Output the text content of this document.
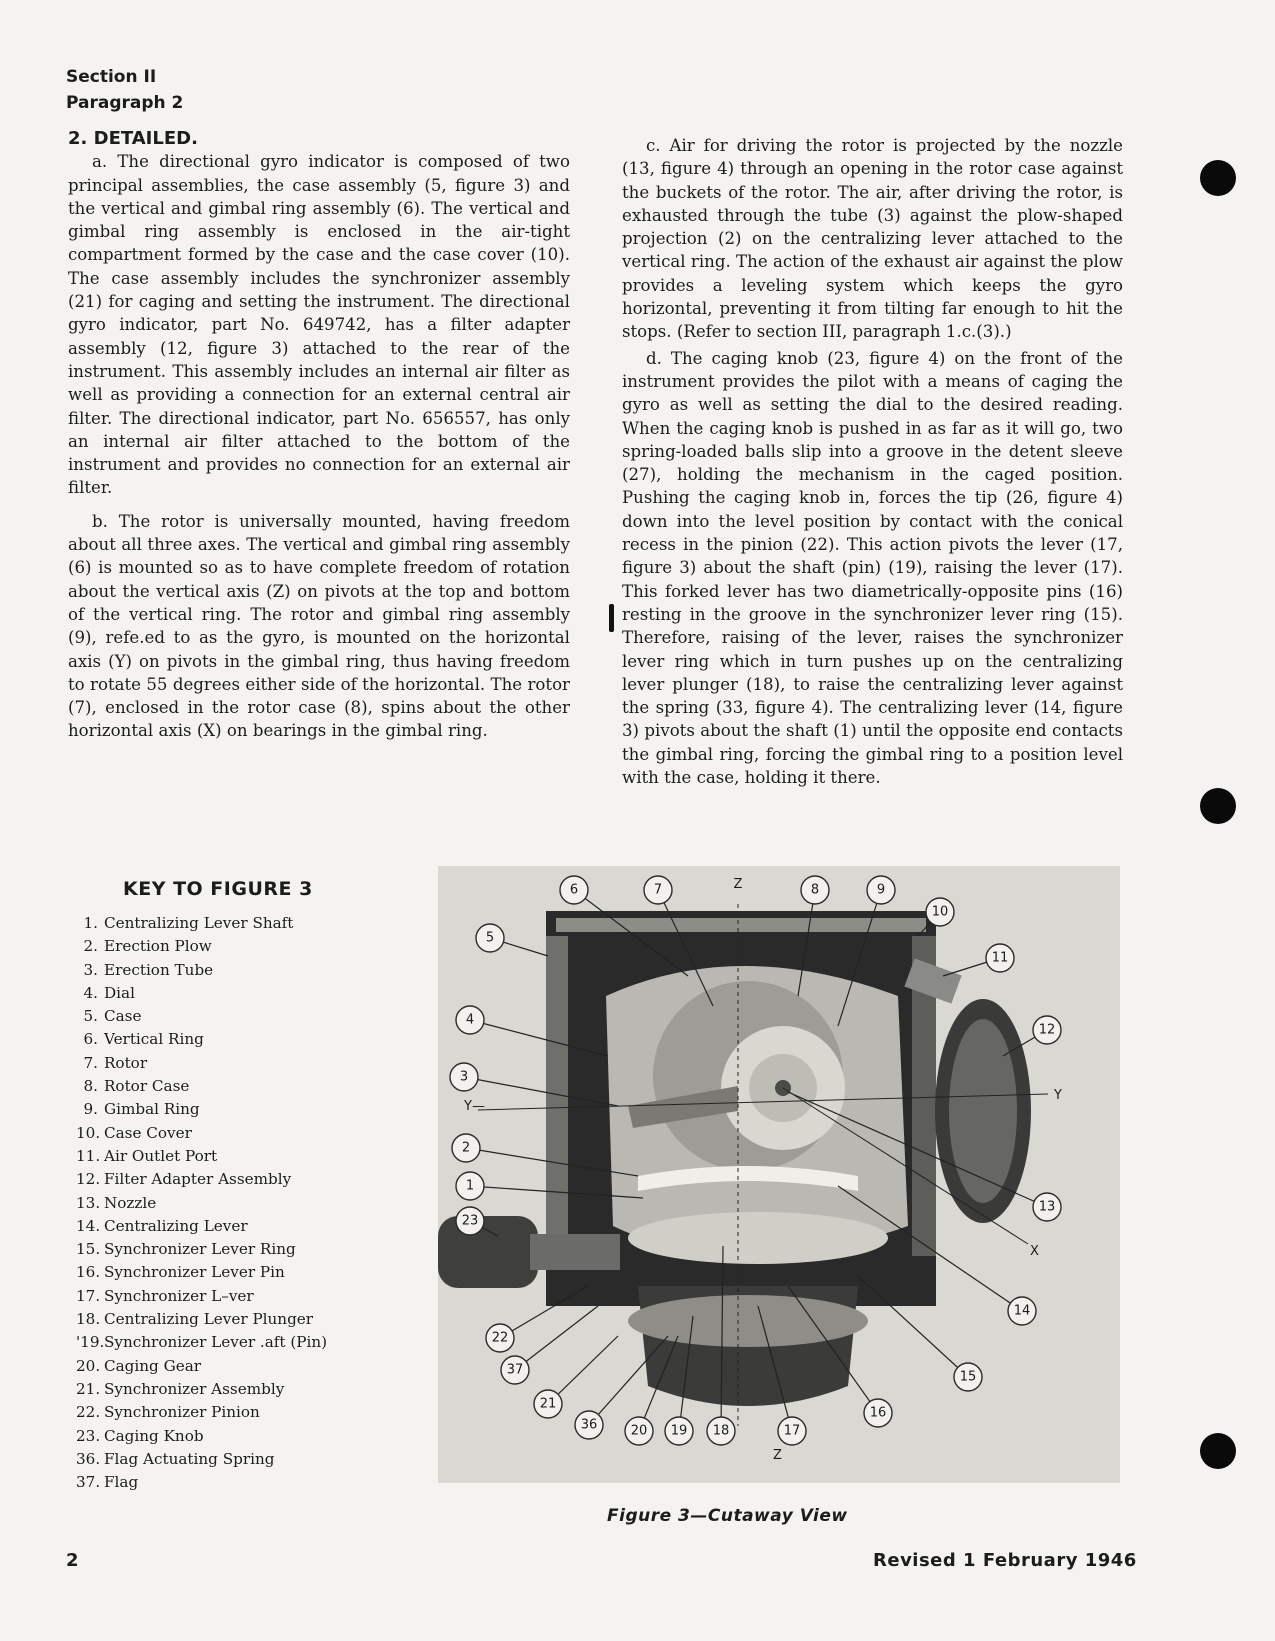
Section II
Paragraph 2

2. DETAILED.

a. The directional gyro indicator is composed of two principal assemblies, the case assembly (5, figure 3) and the vertical and gimbal ring assembly (6). The vertical and gimbal ring assembly is enclosed in the air-tight compartment formed by the case and the case cover (10). The case assembly includes the synchronizer assembly (21) for caging and setting the instrument. The directional gyro indicator, part No. 649742, has a filter adapter assembly (12, figure 3) attached to the rear of the instrument. This assembly includes an internal air filter as well as providing a connection for an external central air filter. The directional indicator, part No. 656557, has only an internal air filter attached to the bottom of the instrument and provides no connection for an external air filter.

b. The rotor is universally mounted, having freedom about all three axes. The vertical and gimbal ring assembly (6) is mounted so as to have complete freedom of rotation about the vertical axis (Z) on pivots at the top and bottom of the vertical ring. The rotor and gimbal ring assembly (9), refe.ed to as the gyro, is mounted on the horizontal axis (Y) on pivots in the gimbal ring, thus having freedom to rotate 55 degrees either side of the horizontal. The rotor (7), enclosed in the rotor case (8), spins about the other horizontal axis (X) on bearings in the gimbal ring.

c. Air for driving the rotor is projected by the nozzle (13, figure 4) through an opening in the rotor case against the buckets of the rotor. The air, after driving the rotor, is exhausted through the tube (3) against the plow-shaped projection (2) on the centralizing lever attached to the vertical ring. The action of the exhaust air against the plow provides a leveling system which keeps the gyro horizontal, preventing it from tilting far enough to hit the stops. (Refer to section III, paragraph 1.c.(3).)

d. The caging knob (23, figure 4) on the front of the instrument provides the pilot with a means of caging the gyro as well as setting the dial to the desired reading. When the caging knob is pushed in as far as it will go, two spring-loaded balls slip into a groove in the detent sleeve (27), holding the mechanism in the caged position. Pushing the caging knob in, forces the tip (26, figure 4) down into the level position by contact with the conical recess in the pinion (22). This action pivots the lever (17, figure 3) about the shaft (pin) (19), raising the lever (17). This forked lever has two diametrically-opposite pins (16) resting in the groove in the synchronizer lever ring (15). Therefore, raising of the lever, raises the synchronizer lever ring which in turn pushes up on the centralizing lever plunger (18), to raise the centralizing lever against the spring (33, figure 4). The centralizing lever (14, figure 3) pivots about the shaft (1) until the opposite end contacts the gimbal ring, forcing the gimbal ring to a position level with the case, holding it there.

KEY TO FIGURE 3
1. Centralizing Lever Shaft
2. Erection Plow
3. Erection Tube
4. Dial
5. Case
6. Vertical Ring
7. Rotor
8. Rotor Case
9. Gimbal Ring
10. Case Cover
11. Air Outlet Port
12. Filter Adapter Assembly
13. Nozzle
14. Centralizing Lever
15. Synchronizer Lever Ring
16. Synchronizer Lever Pin
17. Synchronizer L–ver
18. Centralizing Lever Plunger
'19.Synchronizer Lever .aft (Pin)
20. Caging Gear
21. Synchronizer Assembly
22. Synchronizer Pinion
23. Caging Knob
36. Flag Actuating Spring
37. Flag
6	7	8	9
10
5
11
12
4
3
2
1
23
13
14
22
37
21
36	20 19 18	17
16
15
Z
Y—
Y
X
Z
Figure 3—Cutaway View
2	Revised 1 February 1946
